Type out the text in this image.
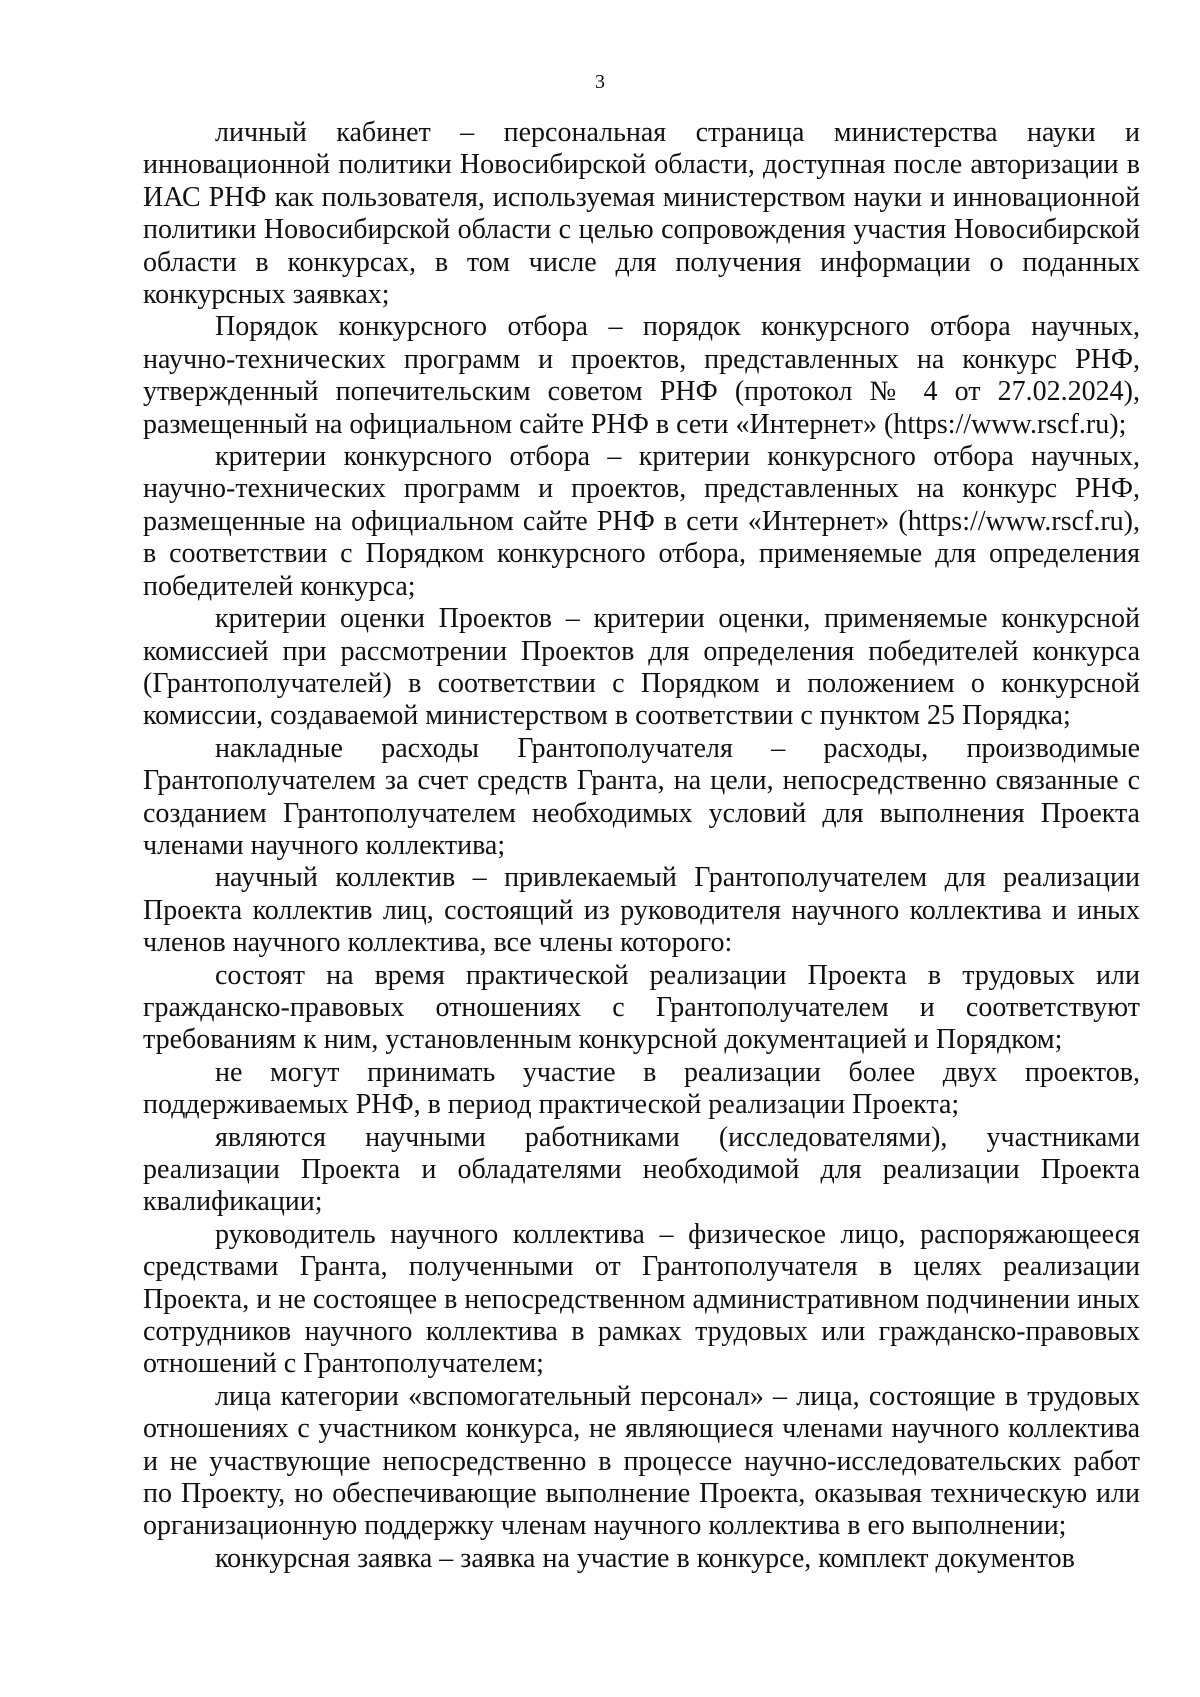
3

личный кабинет – персональная страница министерства науки и инновационной политики Новосибирской области, доступная после авторизации в ИАС РНФ как пользователя, используемая министерством науки и инновационной политики Новосибирской области с целью сопровождения участия Новосибирской области в конкурсах, в том числе для получения информации о поданных конкурсных заявках;

Порядок конкурсного отбора – порядок конкурсного отбора научных, научно-технических программ и проектов, представленных на конкурс РНФ, утвержденный попечительским советом РНФ (протокол № 4 от 27.02.2024), размещенный на официальном сайте РНФ в сети «Интернет» (https://www.rscf.ru);

критерии конкурсного отбора – критерии конкурсного отбора научных, научно-технических программ и проектов, представленных на конкурс РНФ, размещенные на официальном сайте РНФ в сети «Интернет» (https://www.rscf.ru), в соответствии с Порядком конкурсного отбора, применяемые для определения победителей конкурса;

критерии оценки Проектов – критерии оценки, применяемые конкурсной комиссией при рассмотрении Проектов для определения победителей конкурса (Грантополучателей) в соответствии с Порядком и положением о конкурсной комиссии, создаваемой министерством в соответствии с пунктом 25 Порядка;

накладные расходы Грантополучателя – расходы, производимые Грантополучателем за счет средств Гранта, на цели, непосредственно связанные с созданием Грантополучателем необходимых условий для выполнения Проекта членами научного коллектива;

научный коллектив – привлекаемый Грантополучателем для реализации Проекта коллектив лиц, состоящий из руководителя научного коллектива и иных членов научного коллектива, все члены которого:

состоят на время практической реализации Проекта в трудовых или гражданско-правовых отношениях с Грантополучателем и соответствуют требованиям к ним, установленным конкурсной документацией и Порядком;

не могут принимать участие в реализации более двух проектов, поддерживаемых РНФ, в период практической реализации Проекта;

являются научными работниками (исследователями), участниками реализации Проекта и обладателями необходимой для реализации Проекта квалификации;

руководитель научного коллектива – физическое лицо, распоряжающееся средствами Гранта, полученными от Грантополучателя в целях реализации Проекта, и не состоящее в непосредственном административном подчинении иных сотрудников научного коллектива в рамках трудовых или гражданско-правовых отношений с Грантополучателем;

лица категории «вспомогательный персонал» – лица, состоящие в трудовых отношениях с участником конкурса, не являющиеся членами научного коллектива и не участвующие непосредственно в процессе научно-исследовательских работ по Проекту, но обеспечивающие выполнение Проекта, оказывая техническую или организационную поддержку членам научного коллектива в его выполнении;

конкурсная заявка – заявка на участие в конкурсе, комплект документов
